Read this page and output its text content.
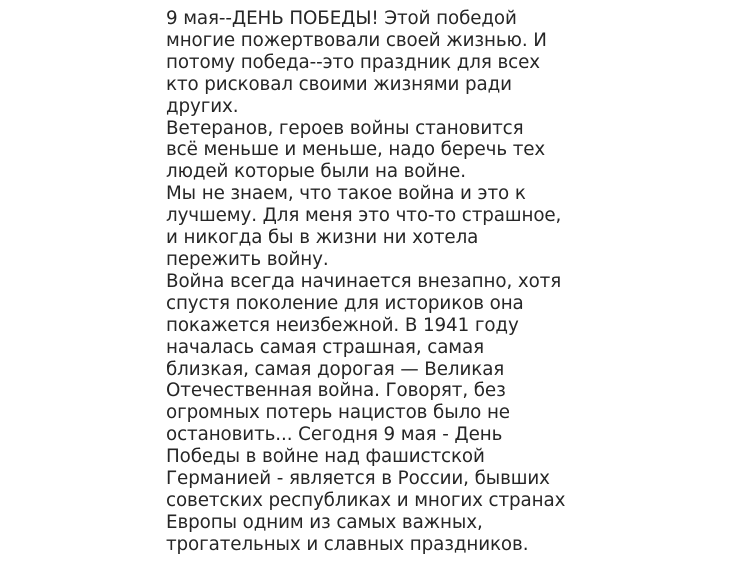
9 мая--ДЕНЬ ПОБЕДЫ! Этой победой
многие пожертвовали своей жизнью. И
потому победа--это праздник для всех
кто рисковал своими жизнями ради
других.
Ветеранов, героев войны становится
всё меньше и меньше, надо беречь тех
людей которые были на войне.
Мы не знаем, что такое война и это к
лучшему. Для меня это что-то страшное,
и никогда бы в жизни ни хотела
пережить войну.
Война всегда начинается внезапно, хотя
спустя поколение для историков она
покажется неизбежной. В 1941 году
началась самая страшная, самая
близкая, самая дорогая — Великая
Отечественная война. Говорят, без
огромных потерь нацистов было не
остановить... Сегодня 9 мая - День
Победы в войне над фашистской
Германией - является в России, бывших
советских республиках и многих странах
Европы одним из самых важных,
трогательных и славных праздников.
